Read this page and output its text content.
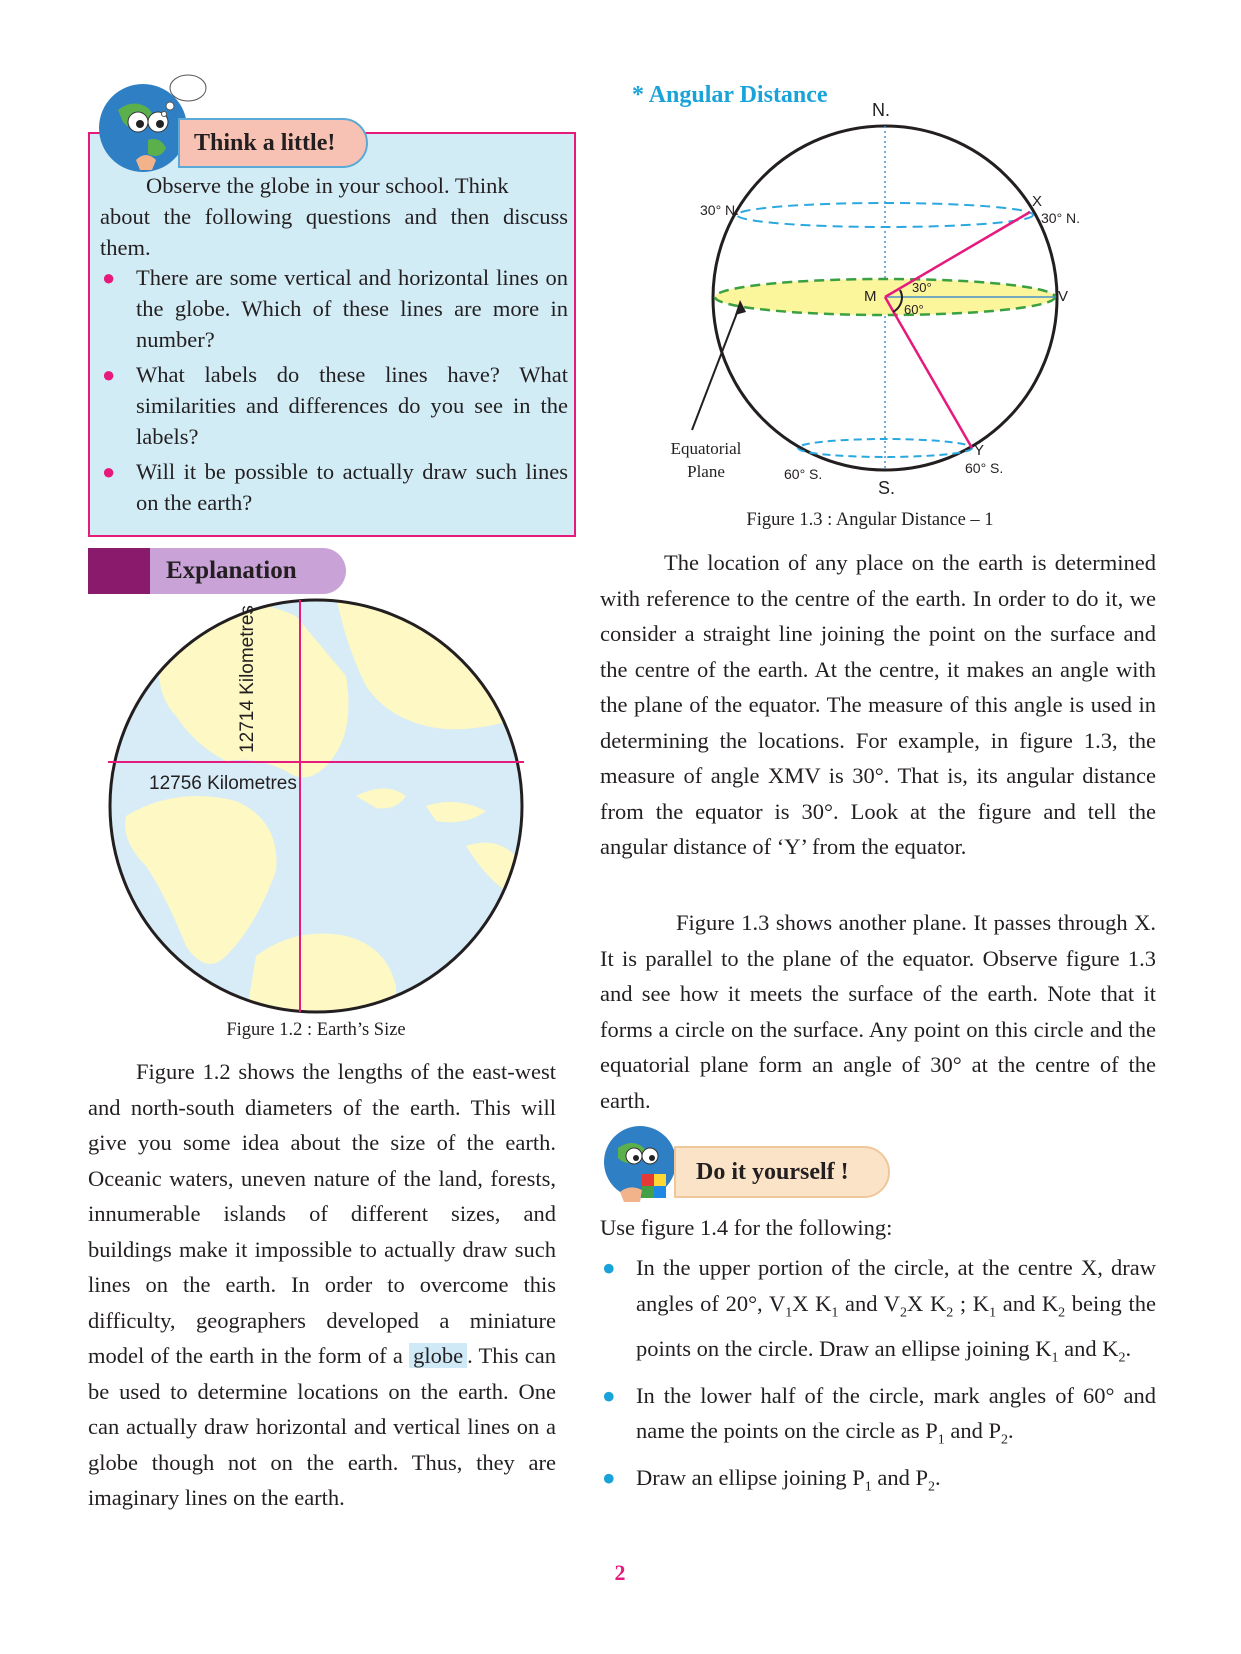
Think a little!
Observe the globe in your school. Think
about the following questions and then discuss them.
● There are some vertical and horizontal lines on the globe. Which of these lines are more in number?
● What labels do these lines have? What similarities and differences do you see in the labels?
● Will it be possible to actually draw such lines on the earth?
Explanation
12756 Kilometres
12714 Kilometres
Figure 1.2 : Earth’s Size
Figure 1.2 shows the lengths of the east-west and north-south diameters of the earth. This will give you some idea about the size of the earth. Oceanic waters, uneven nature of the land, forests, innumerable islands of different sizes, and buildings make it impossible to actually draw such lines on the earth. In order to overcome this difficulty, geographers developed a miniature model of the earth in the form of a globe . This can be used to determine locations on the earth. One can actually draw horizontal and vertical lines on a globe though not on the earth. Thus, they are imaginary lines on the earth.
* Angular Distance
N.
S.
30° N.	30° N.
X
V
M
30°
60°
Y
60° S.	60° S.
Equatorial
Plane
Figure 1.3 : Angular Distance – 1
The location of any place on the earth is determined with reference to the centre of the earth. In order to do it, we consider a straight line joining the point on the surface and the centre of the earth. At the centre, it makes an angle with the plane of the equator. The measure of this angle is used in determining the locations. For example, in figure 1.3, the measure of angle XMV is 30°. That is, its angular distance from the equator is 30°. Look at the figure and tell the angular distance of ‘Y’ from the equator.
Figure 1.3 shows another plane. It passes through X. It is parallel to the plane of the equator. Observe figure 1.3 and see how it meets the surface of the earth. Note that it forms a circle on the surface. Any point on this circle and the equatorial plane form an angle of 30° at the centre of the earth.
Do it yourself !
Use figure 1.4 for the following:
● In the upper portion of the circle, at the centre X, draw angles of 20°, $V_1X$ $K_1$ and $V_2X$ $K_2$ ; $K_1$ and $K_2$ being the points on the circle. Draw an ellipse joining $K_1$ and $K_2$.
● In the lower half of the circle, mark angles of 60° and name the points on the circle as $P_1$ and $P_2$.
● Draw an ellipse joining $P_1$ and $P_2$.
2
